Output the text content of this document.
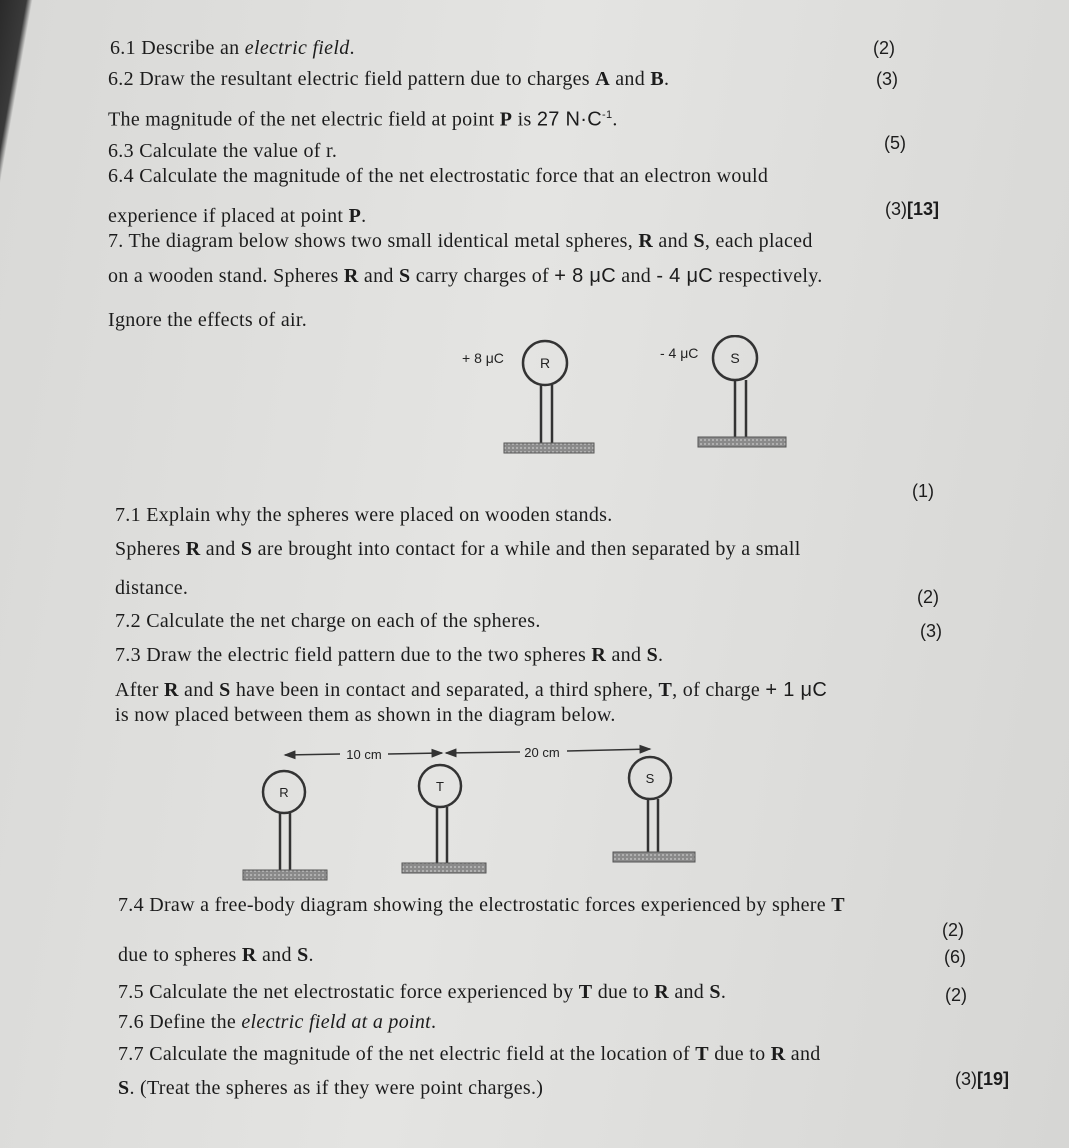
6.1 Describe an electric field.	(2)
6.2 Draw the resultant electric field pattern due to charges A and B.	(3)
The magnitude of the net electric field at point P is 27 $N\cdot C^{-1}$.
6.3 Calculate the value of r.	(5)
6.4 Calculate the magnitude of the net electrostatic force that an electron would
experience if placed at point P.	(3)[13]
7. The diagram below shows two small identical metal spheres, R and S, each placed
on a wooden stand. Spheres R and S carry charges of + 8 μC and - 4 μC respectively.
Ignore the effects of air.
+ 8 μC	R
- 4 μC S
7.1 Explain why the spheres were placed on wooden stands.
(1)
Spheres R and S are brought into contact for a while and then separated by a small
distance.
7.2 Calculate the net charge on each of the spheres.
(2)
7.3 Draw the electric field pattern due to the two spheres R and S.
(3)
After R and S have been in contact and separated, a third sphere, T, of charge + 1 μC
is now placed between them as shown in the diagram below.
10 cm	20 cm
R	T
S
7.4 Draw a free-body diagram showing the electrostatic forces experienced by sphere T
(2)
due to spheres R and S.
7.5 Calculate the net electrostatic force experienced by T due to R and S.
(6)
(2)
7.6 Define the electric field at a point.
7.7 Calculate the magnitude of the net electric field at the location of T due to R and
(3)[19]
S. (Treat the spheres as if they were point charges.)
